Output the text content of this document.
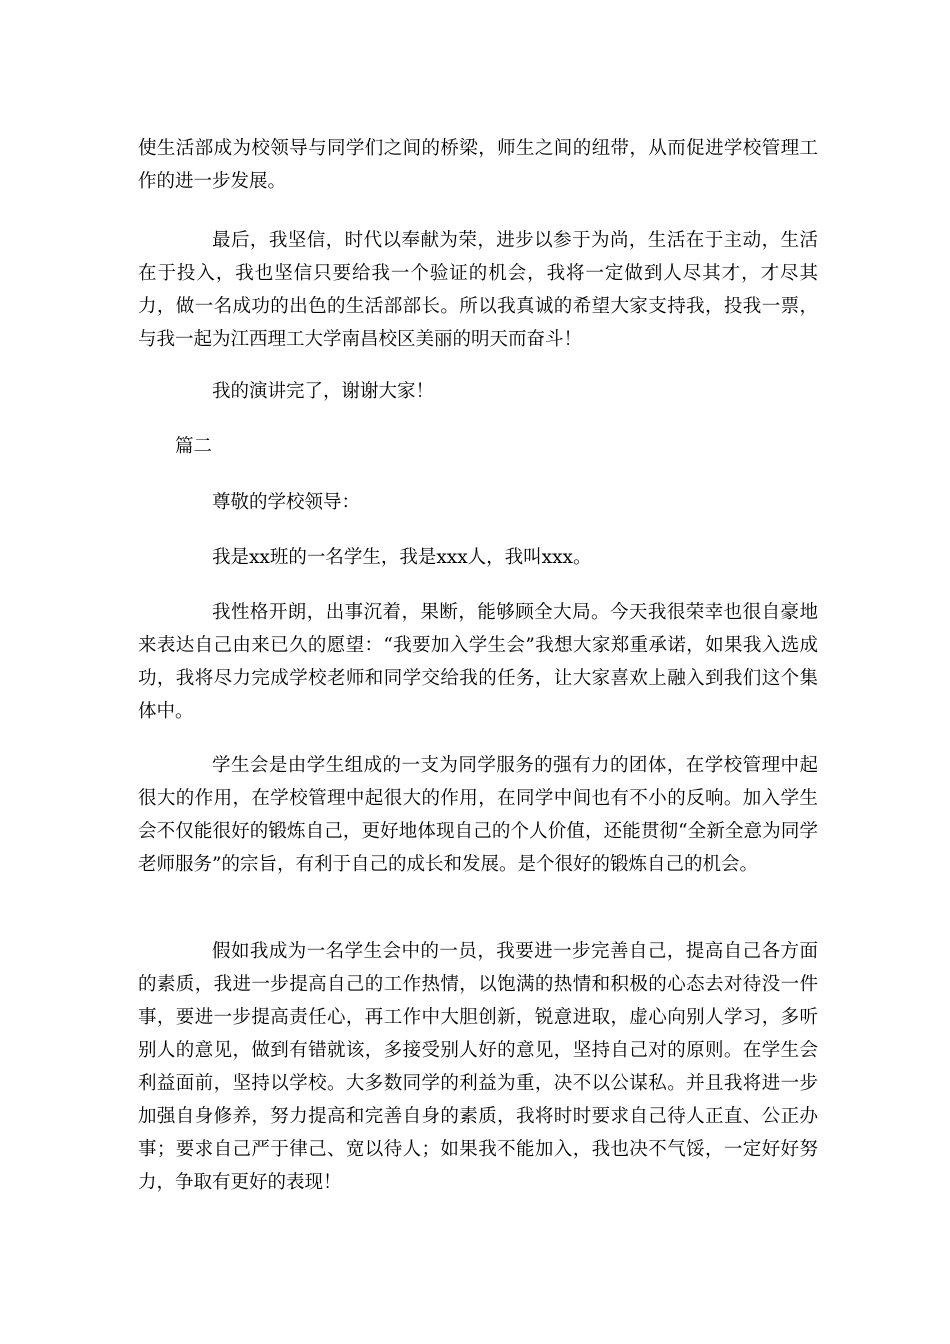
使生活部成为校领导与同学们之间的桥梁，师生之间的纽带，从而促进学校管理工作的进一步发展。

最后，我坚信，时代以奉献为荣，进步以参于为尚，生活在于主动，生活在于投入，我也坚信只要给我一个验证的机会，我将一定做到人尽其才，才尽其力，做一名成功的出色的生活部部长。所以我真诚的希望大家支持我，投我一票，与我一起为江西理工大学南昌校区美丽的明天而奋斗！

我的演讲完了，谢谢大家！

篇二

尊敬的学校领导：

我是xx班的一名学生，我是xxx人，我叫xxx。

我性格开朗，出事沉着，果断，能够顾全大局。今天我很荣幸也很自豪地来表达自己由来已久的愿望：“我要加入学生会”我想大家郑重承诺，如果我入选成功，我将尽力完成学校老师和同学交给我的任务，让大家喜欢上融入到我们这个集体中。

学生会是由学生组成的一支为同学服务的强有力的团体，在学校管理中起很大的作用，在学校管理中起很大的作用，在同学中间也有不小的反响。加入学生会不仅能很好的锻炼自己，更好地体现自己的个人价值，还能贯彻“全新全意为同学老师服务”的宗旨，有利于自己的成长和发展。是个很好的锻炼自己的机会。

假如我成为一名学生会中的一员，我要进一步完善自己，提高自己各方面的素质，我进一步提高自己的工作热情，以饱满的热情和积极的心态去对待没一件事，要进一步提高责任心，再工作中大胆创新，锐意进取，虚心向别人学习，多听别人的意见，做到有错就该，多接受别人好的意见，坚持自己对的原则。在学生会利益面前，坚持以学校。大多数同学的利益为重，决不以公谋私。并且我将进一步加强自身修养，努力提高和完善自身的素质，我将时时要求自己待人正直、公正办事；要求自己严于律己、宽以待人；如果我不能加入，我也决不气馁，一定好好努力，争取有更好的表现！
